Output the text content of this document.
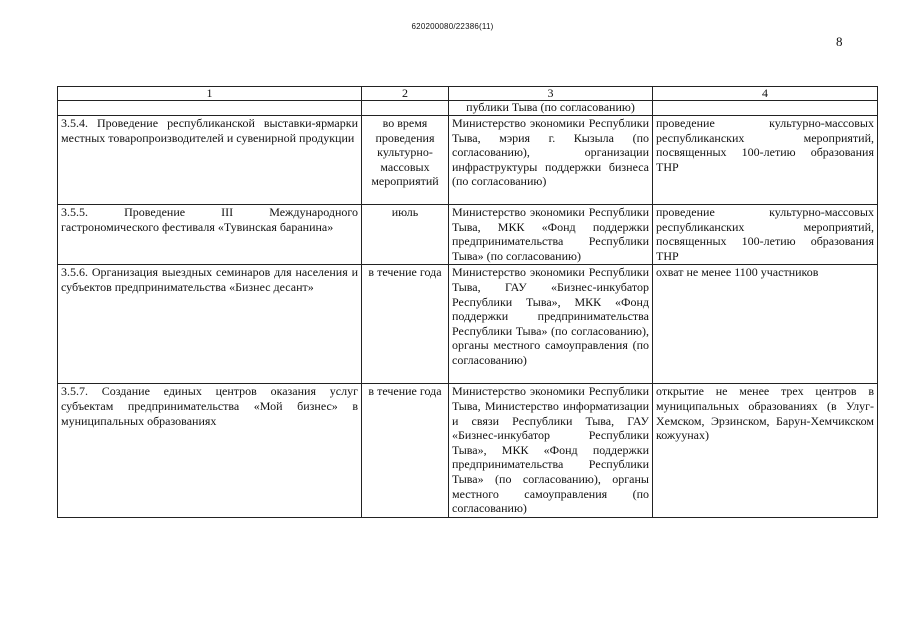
620200080/22386(11)
8
1	2	3	4
		публики Тыва (по согласованию)	
3.5.4. Проведение республиканской выставки-ярмарки местных товаропроизводителей и сувенирной продукции	во время проведения культурно-массовых мероприятий	Министерство экономики Республики Тыва, мэрия г. Кызыла (по согласованию), организации инфраструктуры поддержки бизнеса (по согласованию)	проведение культурно-массовых республиканских мероприятий, посвященных 100-летию образования ТНР
3.5.5. Проведение III Международного гастрономического фестиваля «Тувинская баранина»	июль	Министерство экономики Республики Тыва, МКК «Фонд поддержки предпринимательства Республики Тыва» (по согласованию)	проведение культурно-массовых республиканских мероприятий, посвященных 100-летию образования ТНР
3.5.6. Организация выездных семинаров для населения и субъектов предпринимательства «Бизнес десант»	в течение года	Министерство экономики Республики Тыва, ГАУ «Бизнес-инкубатор Республики Тыва», МКК «Фонд поддержки предпринимательства Республики Тыва» (по согласованию), органы местного самоуправления (по согласованию)	охват не менее 1100 участников
3.5.7. Создание единых центров оказания услуг субъектам предпринимательства «Мой бизнес» в муниципальных образованиях	в течение года	Министерство экономики Республики Тыва, Министерство информатизации и связи Республики Тыва, ГАУ «Бизнес-инкубатор Республики Тыва», МКК «Фонд поддержки предпринимательства Республики Тыва» (по согласованию), органы местного самоуправления (по согласованию)	открытие не менее трех центров в муниципальных образованиях (в Улуг-Хемском, Эрзинском, Барун-Хемчикском кожуунах)
